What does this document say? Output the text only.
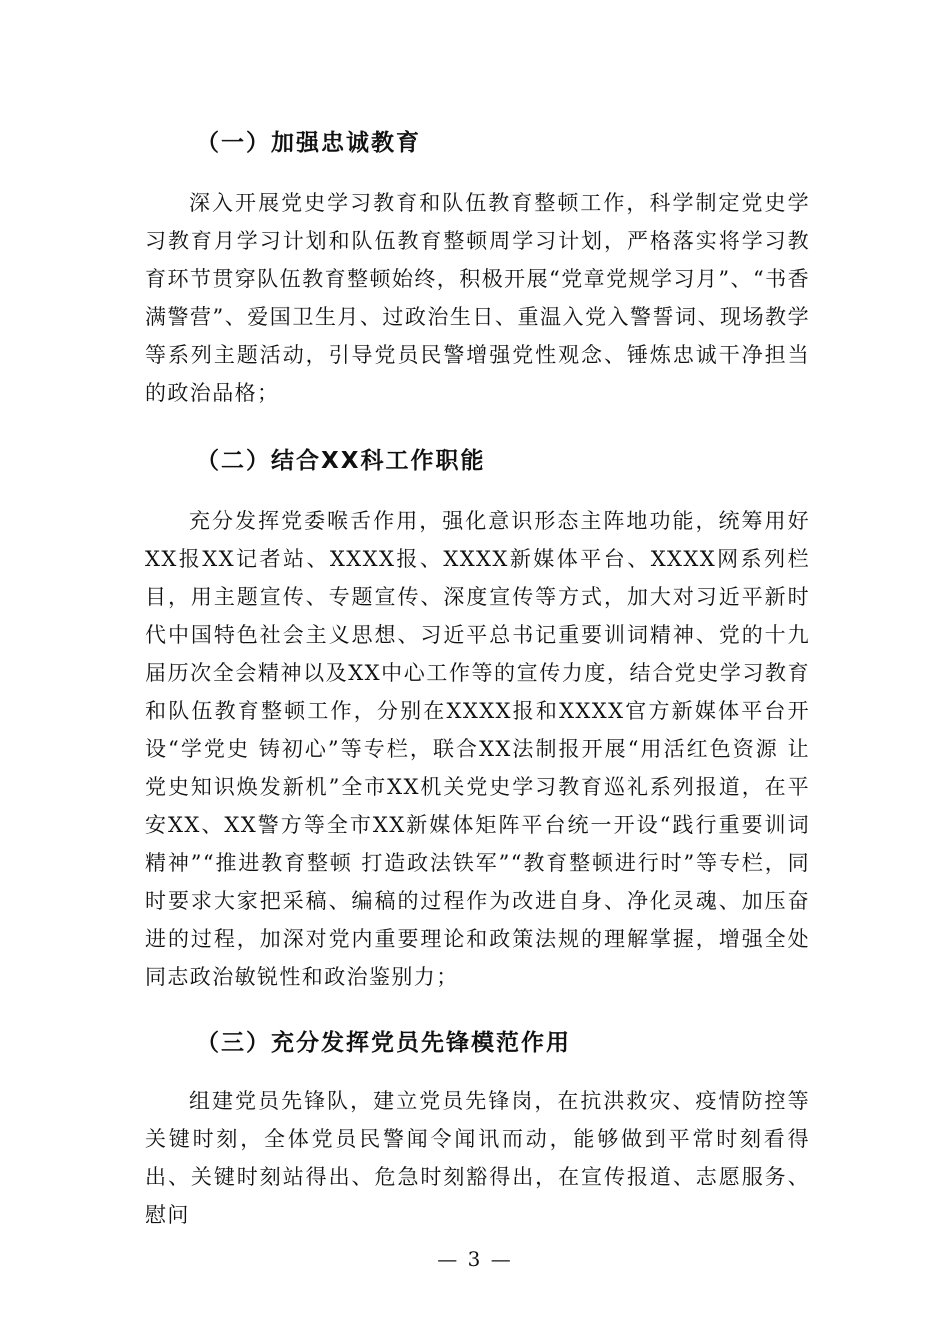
（一）加强忠诚教育
深入开展党史学习教育和队伍教育整顿工作，科学制定党史学习教育月学习计划和队伍教育整顿周学习计划，严格落实将学习教育环节贯穿队伍教育整顿始终，积极开展“党章党规学习月”、“书香满警营”、爱国卫生月、过政治生日、重温入党入警誓词、现场教学等系列主题活动，引导党员民警增强党性观念、锤炼忠诚干净担当的政治品格；
（二）结合XX科工作职能
充分发挥党委喉舌作用，强化意识形态主阵地功能，统筹用好XX报XX记者站、XXXX报、XXXX新媒体平台、XXXX网系列栏目，用主题宣传、专题宣传、深度宣传等方式，加大对习近平新时代中国特色社会主义思想、习近平总书记重要训词精神、党的十九届历次全会精神以及XX中心工作等的宣传力度，结合党史学习教育和队伍教育整顿工作，分别在XXXX报和XXXX官方新媒体平台开设“学党史 铸初心”等专栏，联合XX法制报开展“用活红色资源 让党史知识焕发新机”全市XX机关党史学习教育巡礼系列报道，在平安XX、XX警方等全市XX新媒体矩阵平台统一开设“践行重要训词精神”“推进教育整顿 打造政法铁军”“教育整顿进行时”等专栏，同时要求大家把采稿、编稿的过程作为改进自身、净化灵魂、加压奋进的过程，加深对党内重要理论和政策法规的理解掌握，增强全处同志政治敏锐性和政治鉴别力；
（三）充分发挥党员先锋模范作用
组建党员先锋队，建立党员先锋岗，在抗洪救灾、疫情防控等关键时刻，全体党员民警闻令闻讯而动，能够做到平常时刻看得出、关键时刻站得出、危急时刻豁得出，在宣传报道、志愿服务、慰问
— 3 —
